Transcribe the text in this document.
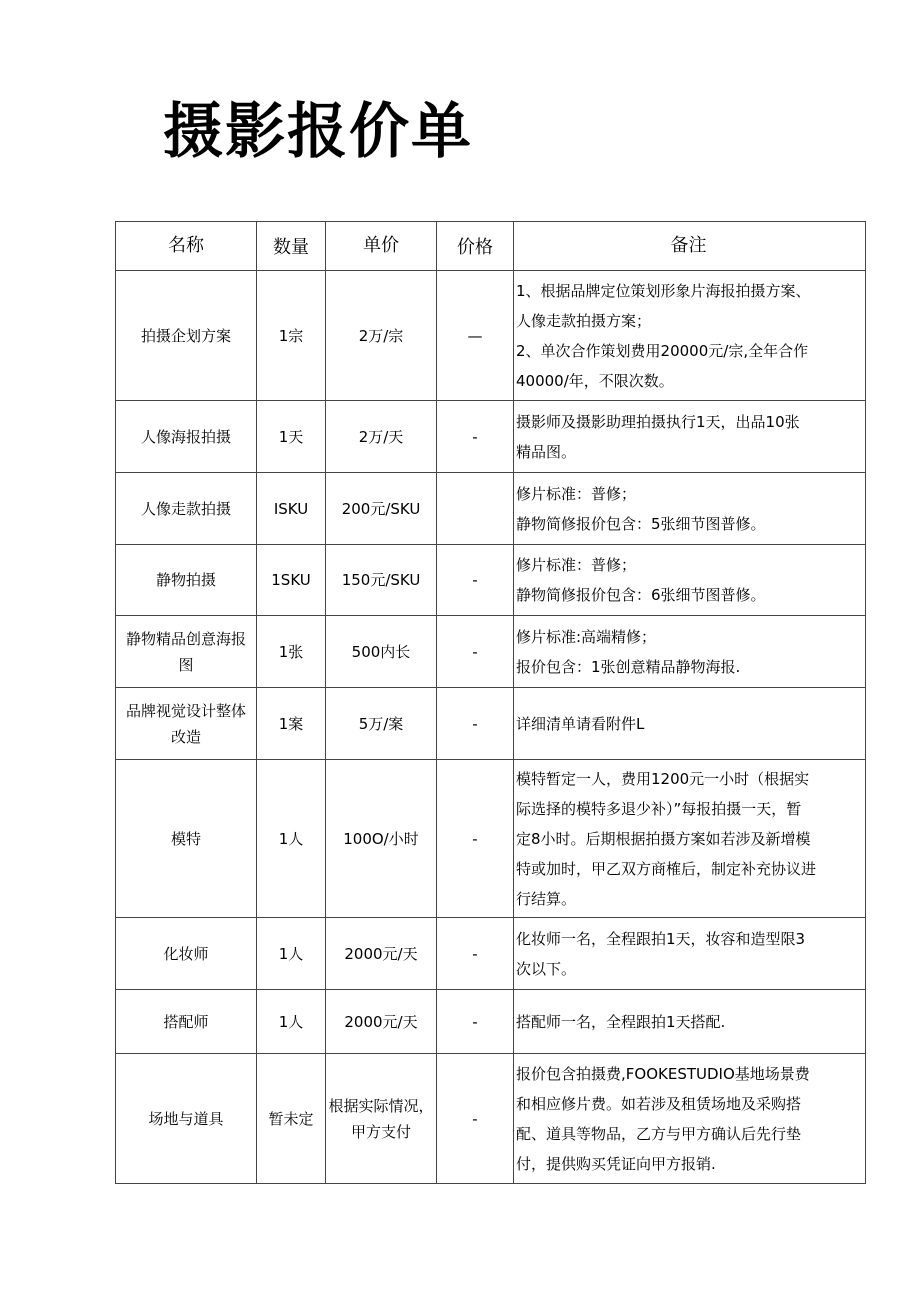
摄影报价单
名称	数量	单价	价格	备注
拍摄企划方案	1宗	2万/宗	—	1、根据品牌定位策划形象片海报拍摄方案、
人像走款拍摄方案；
2、单次合作策划费用20000元/宗,全年合作
40000/年，不限次数。

人像海报拍摄	1天	2万/天	-	摄影师及摄影助理拍摄执行1天，出品10张
精品图。

人像走款拍摄	ISKU	200元/SKU		修片标准：普修；
静物简修报价包含：5张细节图普修。

静物拍摄	1SKU	150元/SKU	-	修片标准：普修；
静物简修报价包含：6张细节图普修。

静物精品创意海报图	1张	500内长	-	修片标准:高端精修；
报价包含：1张创意精品静物海报.

品牌视觉设计整体改造	1案	5万/案	-	详细清单请看附件L

模特	1人	100O/小时	-	模特暂定一人，费用1200元一小时（根据实
际选择的模特多退少补）”每报拍摄一天，暂
定8小时。后期根据拍摄方案如若涉及新增模
特或加时，甲乙双方商榷后，制定补充协议进
行结算。

化妆师	1人	2000元/天	-	化妆师一名，全程跟拍1天，妆容和造型限3
次以下。

搭配师	1人	2000元/天	-	搭配师一名，全程跟拍1天搭配.

场地与道具	暂未定	根据实际情况，甲方支付	-	报价包含拍摄费,FOOKESTUDIO基地场景费
和相应修片费。如若涉及租赁场地及采购搭
配、道具等物品，乙方与甲方确认后先行垫
付，提供购买凭证向甲方报销.
